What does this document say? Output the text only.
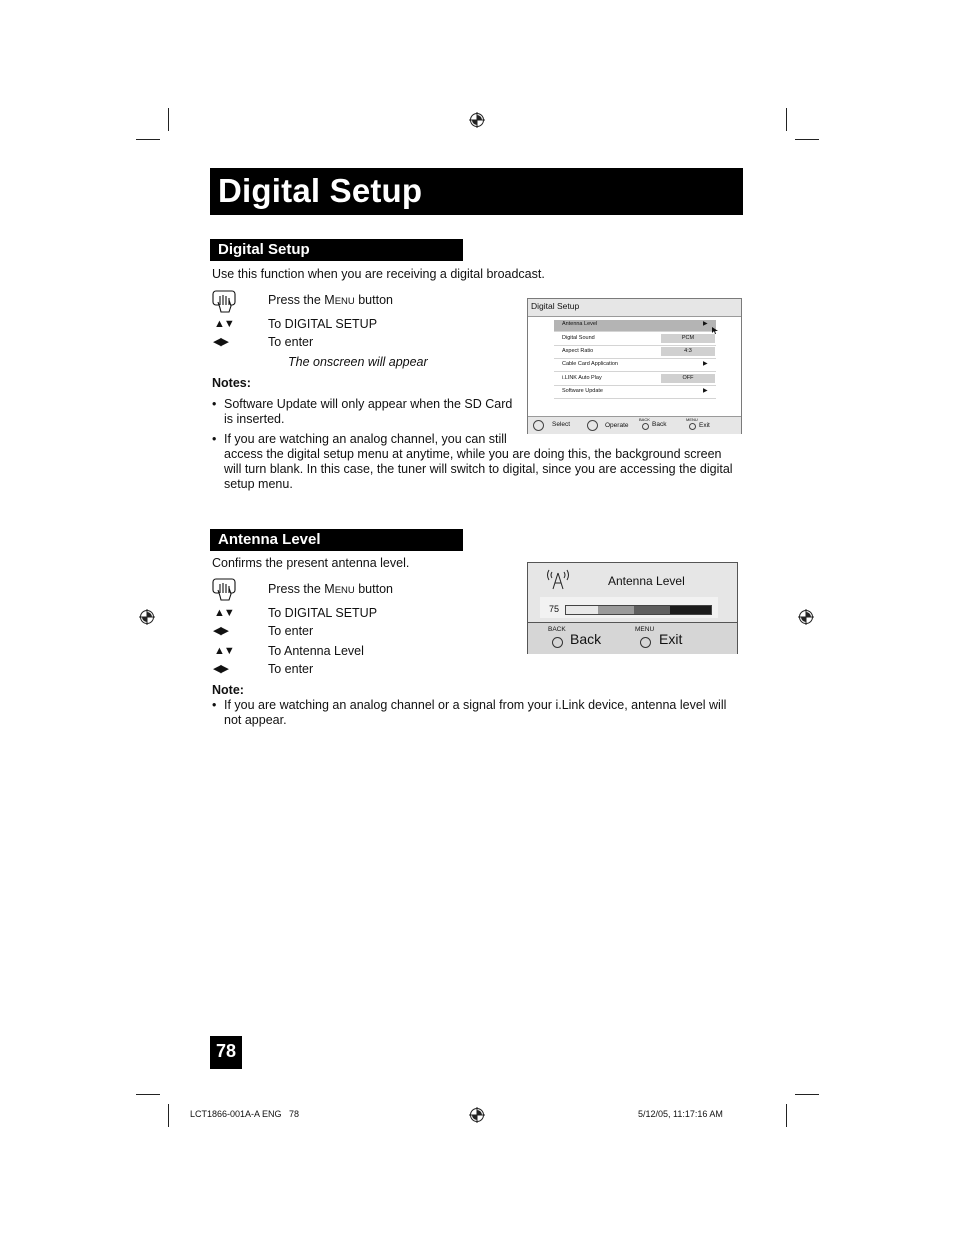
Digital Setup
Digital Setup
Use this function when you are receiving a digital broadcast.
Press the MENU button
▲▼	To DIGITAL SETUP
◀▶	To enter
The onscreen will appear
Notes:
• Software Update will only appear when the SD Card
is inserted.
• If you are watching an analog channel, you can still
access the digital setup menu at anytime, while you are doing this, the background screen
will turn blank. In this case, the tuner will switch to digital, since you are accessing the digital
setup menu.
Digital Setup
Antenna Level	▶
Digital Sound	PCM
Aspect Ratio	4:3
Cable Card Application	▶
i.LINK Auto Play	OFF
Software Update	▶
Select	Operate
BACK
Back
MENU
Exit
Antenna Level
Confirms the present antenna level.
Press the MENU button
▲▼	To DIGITAL SETUP
◀▶	To enter
▲▼	To Antenna Level
◀▶	To enter
Note:
• If you are watching an analog channel or a signal from your i.Link device, antenna level will
not appear.
Antenna Level
75
BACK
Back
MENU
Exit
78
LCT1866-001A-A ENG   78	5/12/05, 11:17:16 AM
